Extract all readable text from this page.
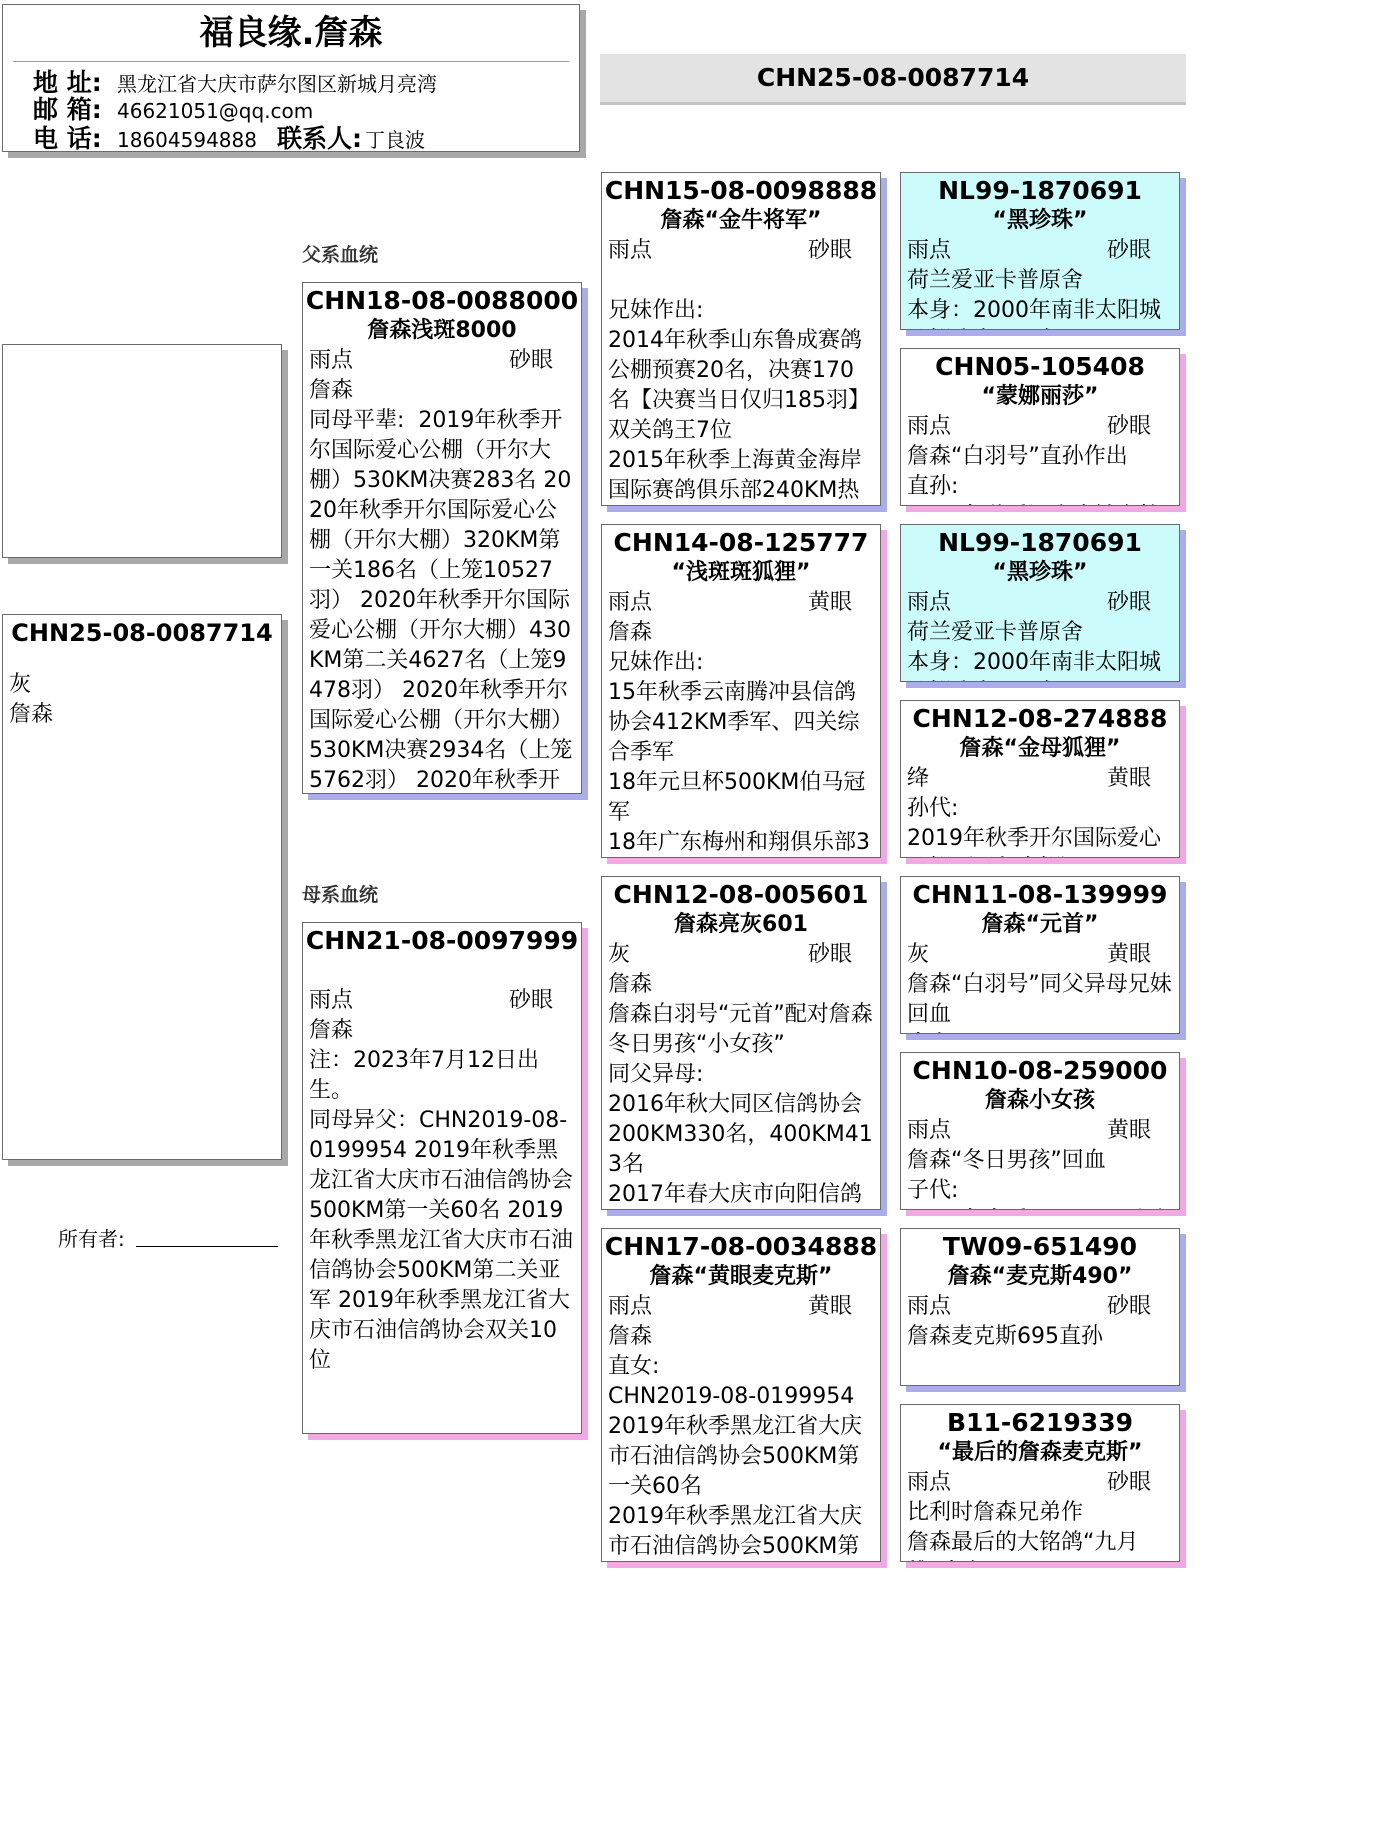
福良缘.詹森
地 址: 黑龙江省大庆市萨尔图区新城月亮湾
邮 箱: 46621051@qq.com
电 话: 18604594888 联系人: 丁良波
CHN25-08-0087714
CHN25-08-0087714
灰
詹森
所有者:
父系血统
母系血统
CHN18-08-0088000
詹森浅斑8000
雨点	砂眼
詹森
同母平辈:  2019年秋季开尔国际爱心公棚（开尔大棚）530KM决赛283名 2020年秋季开尔国际爱心公棚（开尔大棚）320KM第一关186名（上笼10527羽） 2020年秋季开尔国际爱心公棚（开尔大棚）430KM第二关4627名（上笼9478羽） 2020年秋季开尔国际爱心公棚（开尔大棚）530KM决赛2934名（上笼5762羽） 2020年秋季开
CHN21-08-0097999
雨点	砂眼
詹森
注：2023年7月12日出生。
同母异父：CHN2019-08-0199954 2019年秋季黑龙江省大庆市石油信鸽协会500KM第一关60名 2019年秋季黑龙江省大庆市石油信鸽协会500KM第二关亚军 2019年秋季黑龙江省大庆市石油信鸽协会双关10位
CHN15-08-0098888
詹森“金牛将军”
雨点	砂眼

兄妹作出:
2014年秋季山东鲁成赛鸽公棚预赛20名，决赛170名【决赛当日仅归185羽】双关鸽王7位
2015年秋季上海黄金海岸国际赛鸽俱乐部240KM热
CHN14-08-125777
“浅斑斑狐狸”
雨点	黄眼
詹森
兄妹作出:
15年秋季云南腾冲县信鸽协会412KM季军、四关综合季军
18年元旦杯500KM伯马冠军
18年广东梅州和翔俱乐部3

CHN12-08-005601
詹森亮灰601
灰	砂眼
詹森
詹森白羽号“元首”配对詹森冬日男孩“小女孩”
同父异母:
2016年秋大同区信鸽协会200KM330名，400KM413名
2017年春大庆市向阳信鸽
CHN17-08-0034888
詹森“黄眼麦克斯”
雨点	黄眼
詹森
直女:
CHN2019-08-0199954
2019年秋季黑龙江省大庆市石油信鸽协会500KM第一关60名
2019年秋季黑龙江省大庆市石油信鸽协会500KM第

NL99-1870691
“黑珍珠”
雨点	砂眼
荷兰爱亚卡普原舍
本身：2000年南非太阳城
CHN05-105408
“蒙娜丽莎”
雨点	砂眼
詹森“白羽号”直孙作出
直孙:

NL99-1870691
“黑珍珠”
雨点	砂眼
荷兰爱亚卡普原舍
本身：2000年南非太阳城
CHN12-08-274888
詹森“金母狐狸”
绛	黄眼
孙代:
2019年秋季开尔国际爱心
CHN11-08-139999
詹森“元首”
灰	黄眼
詹森“白羽号”同父异母兄妹回血

CHN10-08-259000
詹森小女孩
雨点	黄眼
詹森“冬日男孩”回血
子代:

TW09-651490
詹森“麦克斯490”
雨点	砂眼
詹森麦克斯695直孙
B11-6219339
“最后的詹森麦克斯”
雨点	砂眼
比利时詹森兄弟作
詹森最后的大铭鸽“九月
